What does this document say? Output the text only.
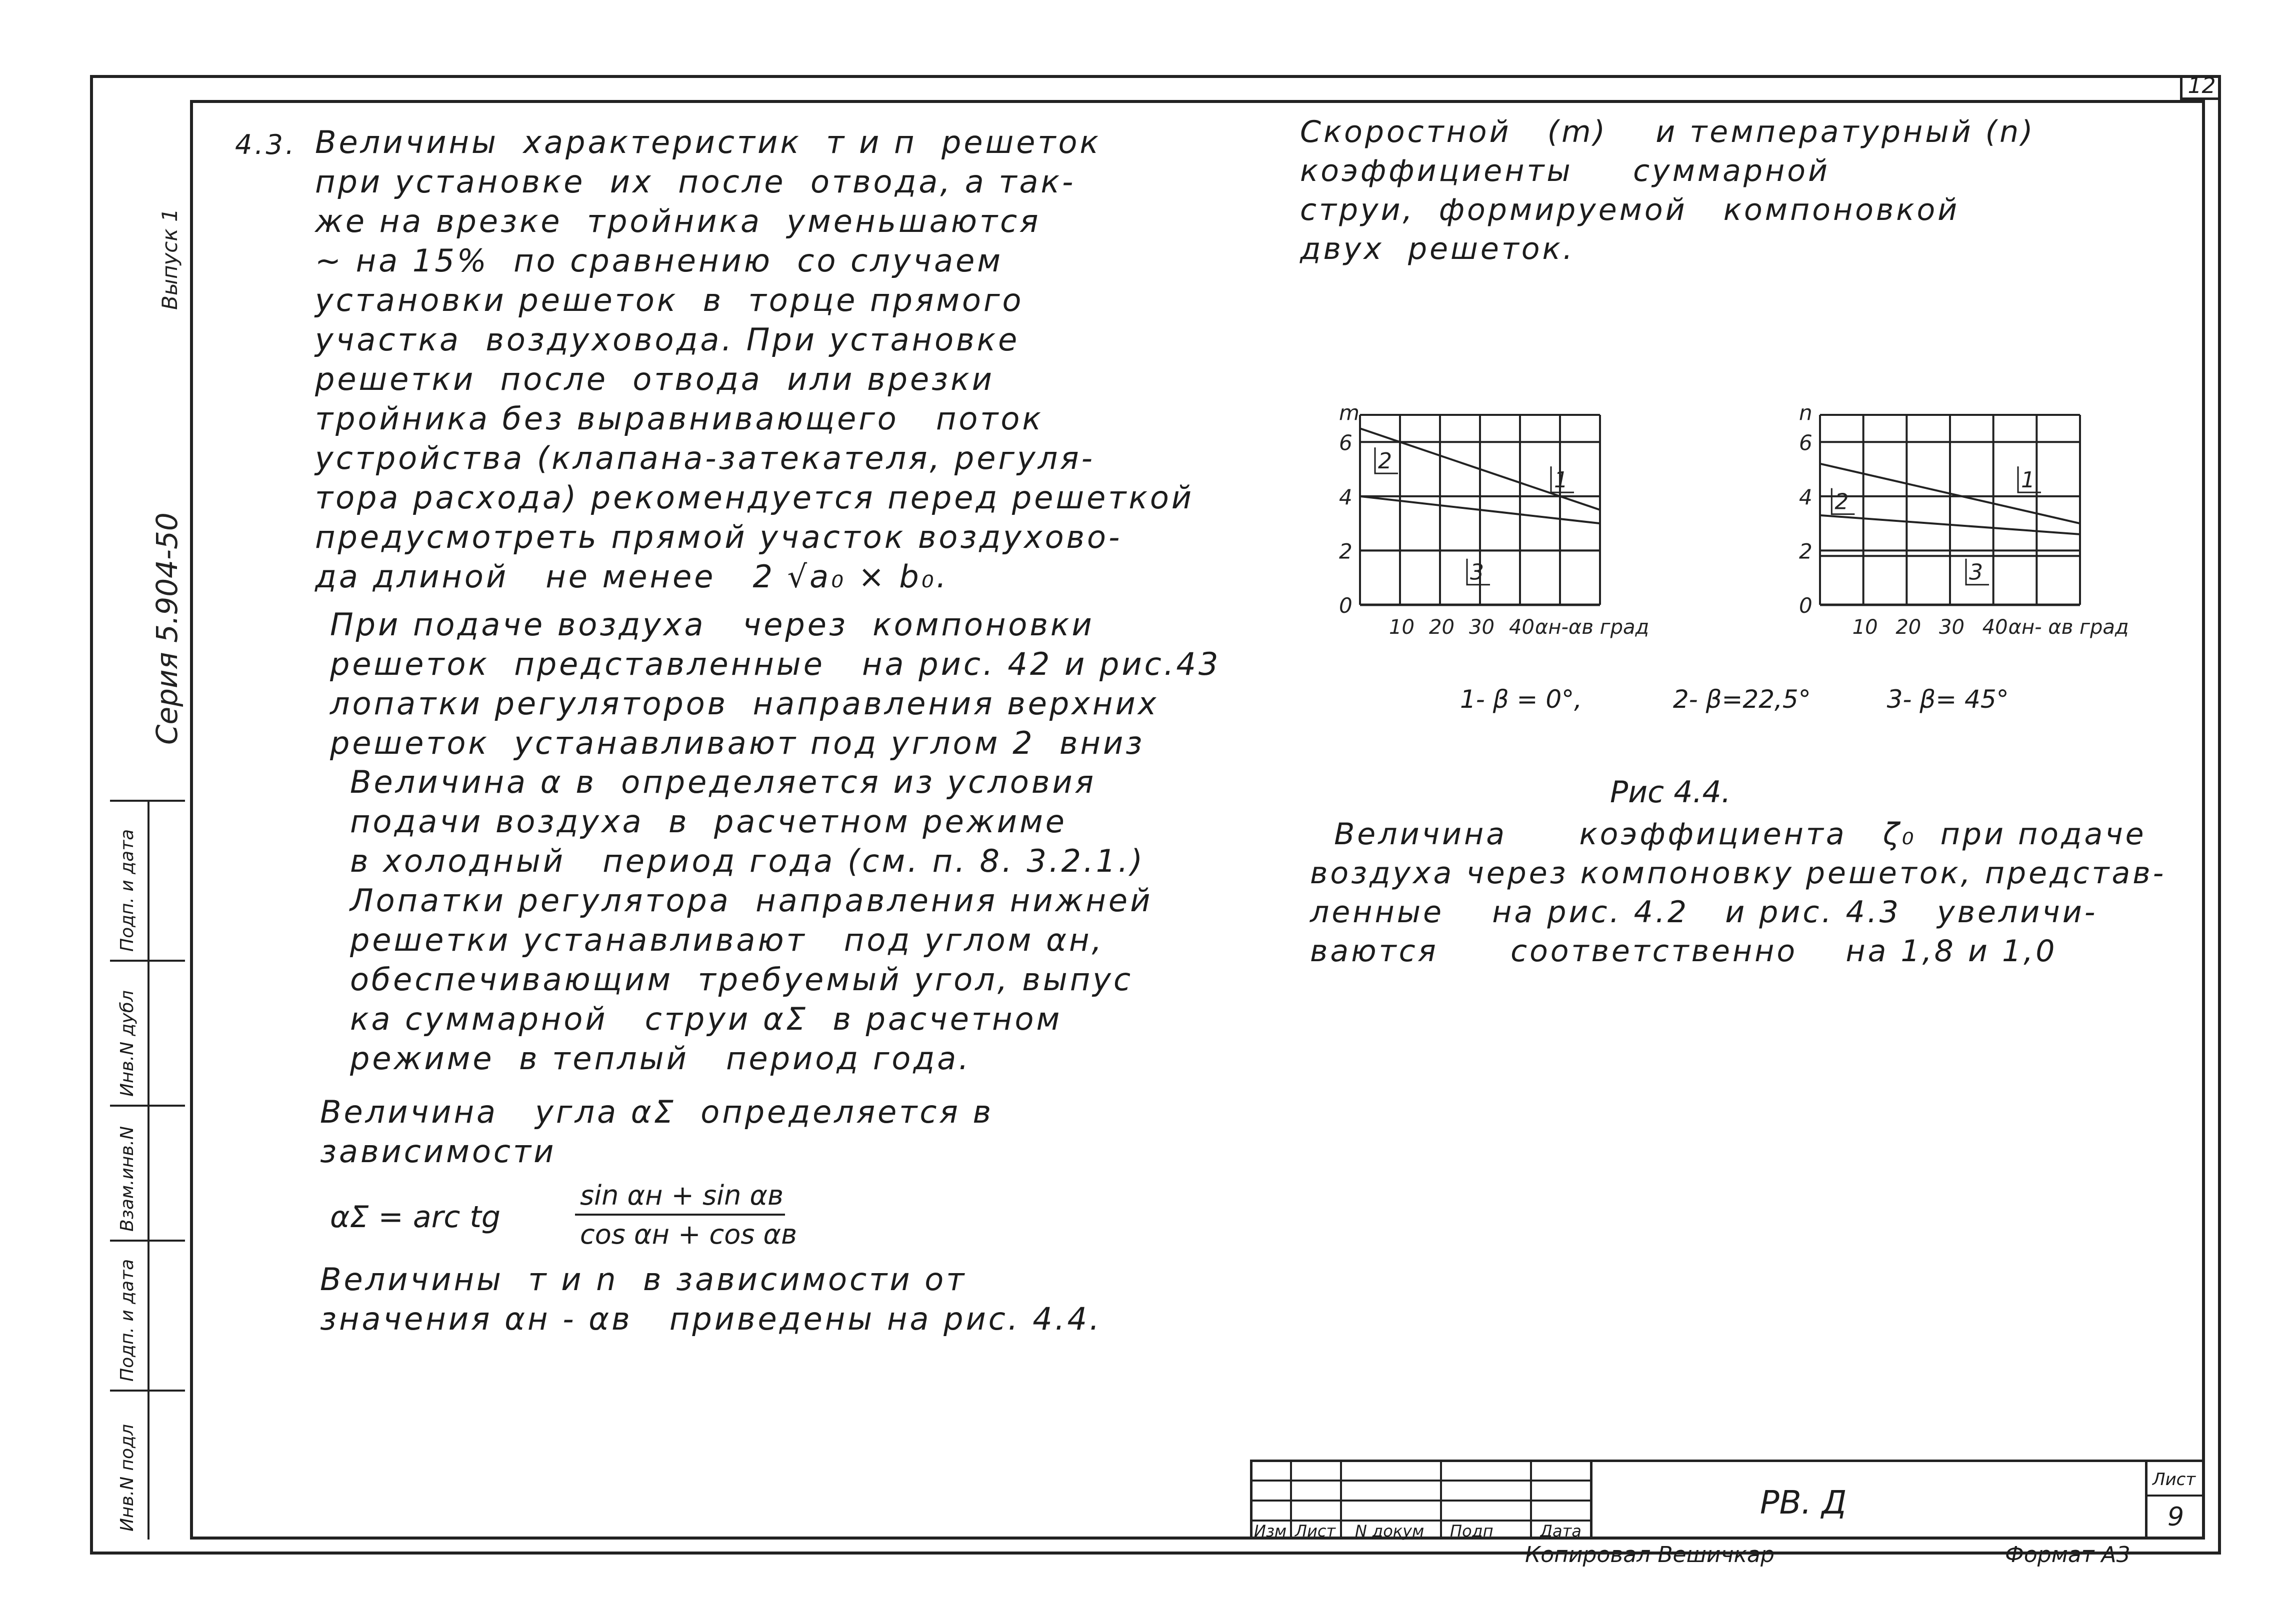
12
Серия 5.904-50
Выпуск 1
Подп. и дата
Инв.N дубл
Взам.инв.N
Подп. и дата
Инв.N подл
4.3. Величины  характеристик  т и п  решеток
при установке  их  после  отвода, а так-
же на врезке  тройника  уменьшаются
~ на 15%  по сравнению  со случаем
установки решеток  в  торце прямого
участка  воздуховода. При установке
решетки  после  отвода  или врезки
тройника без выравнивающего   поток
устройства (клапана-затекателя, регуля-
тора расхода) рекомендуется перед решеткой
предусмотреть прямой участок воздухово-
да длиной   не менее   2 √a₀ × b₀.
При подаче воздуха   через  компоновки
решеток  представленные   на рис. 42 и рис.43
лопатки регуляторов  направления верхних
решеток  устанавливают под углом 2  вниз
Величина α в  определяется из условия
подачи воздуха  в  расчетном режиме
в холодный   период года (см. п. 8. 3.2.1.)
Лопатки регулятора  направления нижней
решетки устанавливают   под углом αн,
обеспечивающим  требуемый угол, выпус
ка суммарной   струи αΣ  в расчетном
режиме  в теплый   период года.
Величина   угла αΣ  определяется в
зависимости
αΣ = arc tg
sin αн + sin αв
cos αн + cos αв
Величины  т и n  в зависимости от
значения αн - αв   приведены на рис. 4.4.
Скоростной   (m)    и температурный (n)
коэффициенты     суммарной
струи,  формируемой   компоновкой
двух  решеток.
0
2
4
6
m
10 20 30 40 αн-αв град
2
1
3
0
2
4
6
n
10 20 30 40 αн- αв град
1
2
3
1- β = 0°,	2- β=22,5°	3- β= 45°
Рис 4.4.
Величина      коэффициента   ζ₀  при подаче
воздуха через компоновку решеток, представ-
ленные    на рис. 4.2   и рис. 4.3   увеличи-
ваются      соответственно    на 1,8 и 1,0
Изм Лист N докум Подп	Дата
РВ. Д
Лист
9
Копировал Вешичкар	Формат А3
